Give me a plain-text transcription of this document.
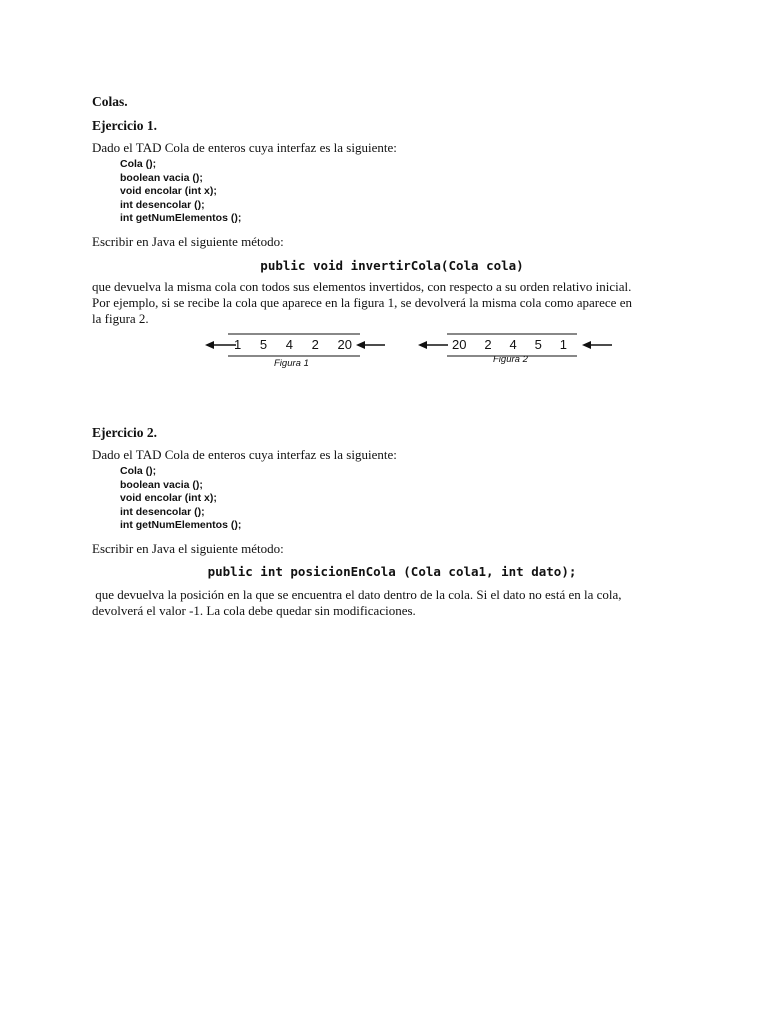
Colas.
Ejercicio 1.

Dado el TAD Cola de enteros cuya interfaz es la siguiente:

Cola ();
boolean vacia ();
void encolar (int x);
int desencolar ();
int getNumElementos ();

Escribir en Java el siguiente método:

public void invertirCola(Cola cola)

que devuelva la misma cola con todos sus elementos invertidos, con respecto a su orden relativo inicial.
Por ejemplo, si se recibe la cola que aparece en la figura 1, se devolverá la misma cola como aparece en
la figura 2.

1 5 4 2 20
Figura 1
20 2 4 5 1
Figura 2
Ejercicio 2.

Dado el TAD Cola de enteros cuya interfaz es la siguiente:

Cola ();
boolean vacia ();
void encolar (int x);
int desencolar ();
int getNumElementos ();

Escribir en Java el siguiente método:

public int posicionEnCola (Cola cola1, int dato);

que devuelva la posición en la que se encuentra el dato dentro de la cola. Si el dato no está en la cola,
devolverá el valor -1. La cola debe quedar sin modificaciones.
